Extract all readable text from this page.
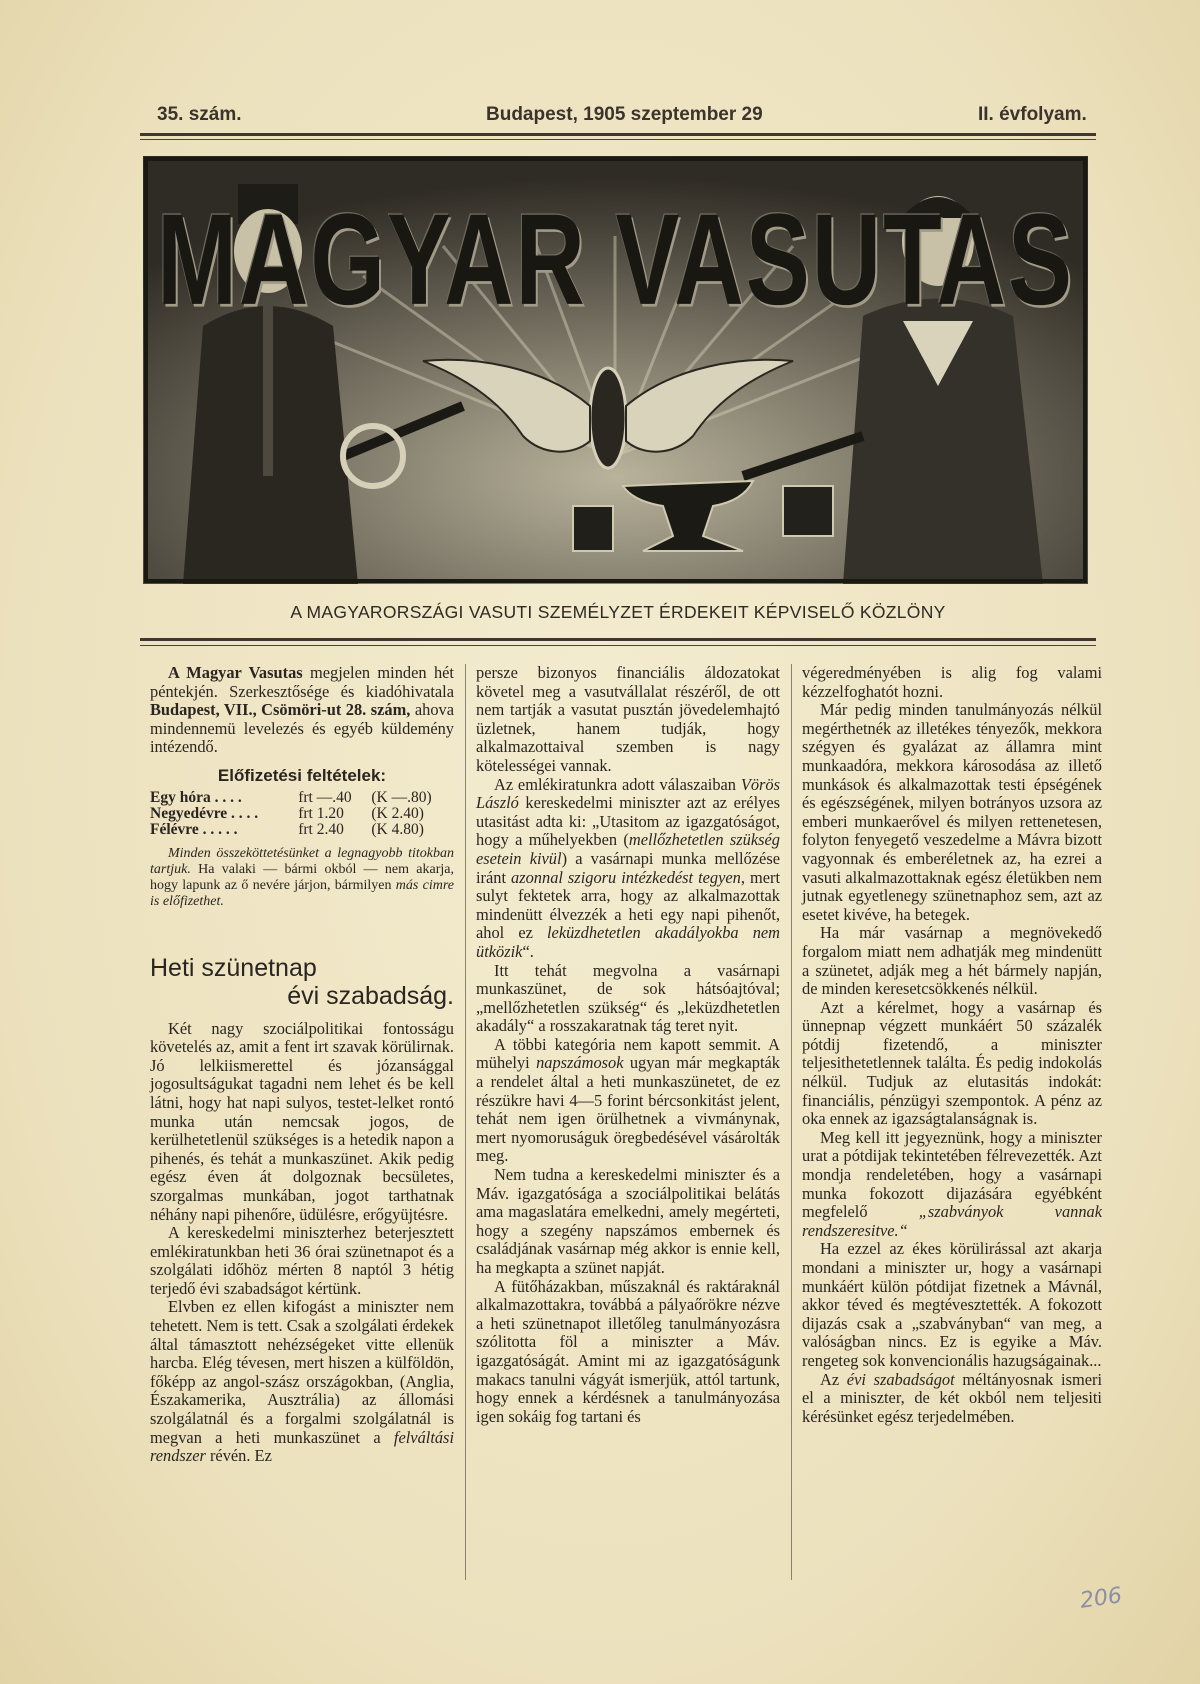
35. szám.	Budapest, 1905 szeptember 29	II. évfolyam.
MAGYAR VASUTAS
A MAGYARORSZÁGI VASUTI SZEMÉLYZET ÉRDEKEIT KÉPVISELŐ KÖZLÖNY

A Magyar Vasutas megjelen minden hét péntekjén. Szerkesztősége és kiadóhivatala Budapest, VII., Csömöri-ut 28. szám, ahova mindennemü levelezés és egyéb küldemény intézendő.

Előfizetési feltételek:
Egy hóra . . . .	frt —.40	(K —.80)
Negyedévre . . . .	frt 1.20	(K 2.40)
Félévre . . . . .	frt 2.40	(K 4.80)

Minden összeköttetésünket a legnagyobb titokban tartjuk. Ha valaki — bármi okból — nem akarja, hogy lapunk az ő nevére járjon, bármilyen más cimre is előfizethet.

Heti szünetnap
évi szabadság.

Két nagy szociálpolitikai fontosságu követelés az, amit a fent irt szavak körülirnak. Jó lelkiismerettel és józansággal jogosultságukat tagadni nem lehet és be kell látni, hogy hat napi sulyos, testet-lelket rontó munka után nemcsak jogos, de kerülhetetlenül szükséges is a hetedik napon a pihenés, és tehát a munkaszünet. Akik pedig egész éven át dolgoznak becsületes, szorgalmas munkában, jogot tarthatnak néhány napi pihenőre, üdülésre, erőgyüjtésre.

A kereskedelmi miniszterhez beterjesztett emlékiratunkban heti 36 órai szünetnapot és a szolgálati időhöz mérten 8 naptól 3 hétig terjedő évi szabadságot kértünk.

Elvben ez ellen kifogást a miniszter nem tehetett. Nem is tett. Csak a szolgálati érdekek által támasztott nehézségeket vitte ellenük harcba. Elég tévesen, mert hiszen a külföldön, főképp az angol-szász országokban, (Anglia, Északamerika, Ausztrália) az állomási szolgálatnál és a forgalmi szolgálatnál is megvan a heti munkaszünet a felváltási rendszer révén. Ez

persze bizonyos financiális áldozatokat követel meg a vasutvállalat részéről, de ott nem tartják a vasutat pusztán jövedelemhajtó üzletnek, hanem tudják, hogy alkalmazottaival szemben is nagy kötelességei vannak.

Az emlékiratunkra adott válaszaiban Vörös László kereskedelmi miniszter azt az erélyes utasitást adta ki: „Utasitom az igazgatóságot, hogy a műhelyekben (mellőzhetetlen szükség esetein kivül) a vasárnapi munka mellőzése iránt azonnal szigoru intézkedést tegyen, mert sulyt fektetek arra, hogy az alkalmazottak mindenütt élvezzék a heti egy napi pihenőt, ahol ez leküzdhetetlen akadályokba nem ütközik“.

Itt tehát megvolna a vasárnapi munkaszünet, de sok hátsóajtóval; „mellőzhetetlen szükség“ és „leküzdhetetlen akadály“ a rosszakaratnak tág teret nyit.

A többi kategória nem kapott semmit. A mühelyi napszámosok ugyan már megkapták a rendelet által a heti munkaszünetet, de ez részükre havi 4—5 forint bércsonkitást jelent, tehát nem igen örülhetnek a vivmánynak, mert nyomoruságuk öregbedésével vásárolták meg.

Nem tudna a kereskedelmi miniszter és a Máv. igazgatósága a szociálpolitikai belátás ama magaslatára emelkedni, amely megérteti, hogy a szegény napszámos embernek és családjának vasárnap még akkor is ennie kell, ha megkapta a szünet napját.

A fütőházakban, műszaknál és raktáraknál alkalmazottakra, továbbá a pályaőrökre nézve a heti szünetnapot illetőleg tanulmányozásra szólitotta föl a miniszter a Máv. igazgatóságát. Amint mi az igazgatóságunk makacs tanulni vágyát ismerjük, attól tartunk, hogy ennek a kérdésnek a tanulmányozása igen sokáig fog tartani és

végeredményében is alig fog valami kézzelfoghatót hozni.

Már pedig minden tanulmányozás nélkül megérthetnék az illetékes tényezők, mekkora szégyen és gyalázat az államra mint munkaadóra, mekkora károsodása az illető munkások és alkalmazottak testi épségének és egészségének, milyen botrányos uzsora az emberi munkaerővel és milyen rettenetesen, folyton fenyegető veszedelme a Mávra bizott vagyonnak és emberéletnek az, ha ezrei a vasuti alkalmazottaknak egész életükben nem jutnak egyetlenegy szünetnaphoz sem, azt az esetet kivéve, ha betegek.

Ha már vasárnap a megnövekedő forgalom miatt nem adhatják meg mindenütt a szünetet, adják meg a hét bármely napján, de minden keresetcsökkenés nélkül.

Azt a kérelmet, hogy a vasárnap és ünnepnap végzett munkáért 50 százalék pótdij fizetendő, a miniszter teljesithetetlennek találta. És pedig indokolás nélkül. Tudjuk az elutasitás indokát: financiális, pénzügyi szempontok. A pénz az oka ennek az igazságtalanságnak is.

Meg kell itt jegyeznünk, hogy a miniszter urat a pótdijak tekintetében félrevezették. Azt mondja rendeletében, hogy a vasárnapi munka fokozott dijazására egyébként megfelelő „szabványok vannak rendszeresitve.“

Ha ezzel az ékes körülirással azt akarja mondani a miniszter ur, hogy a vasárnapi munkáért külön pótdijat fizetnek a Mávnál, akkor téved és megtévesztették. A fokozott dijazás csak a „szabványban“ van meg, a valóságban nincs. Ez is egyike a Máv. rengeteg sok konvencionális hazugságainak...

Az évi szabadságot méltányosnak ismeri el a miniszter, de két okból nem teljesiti kérésünket egész terjedelmében.

206
